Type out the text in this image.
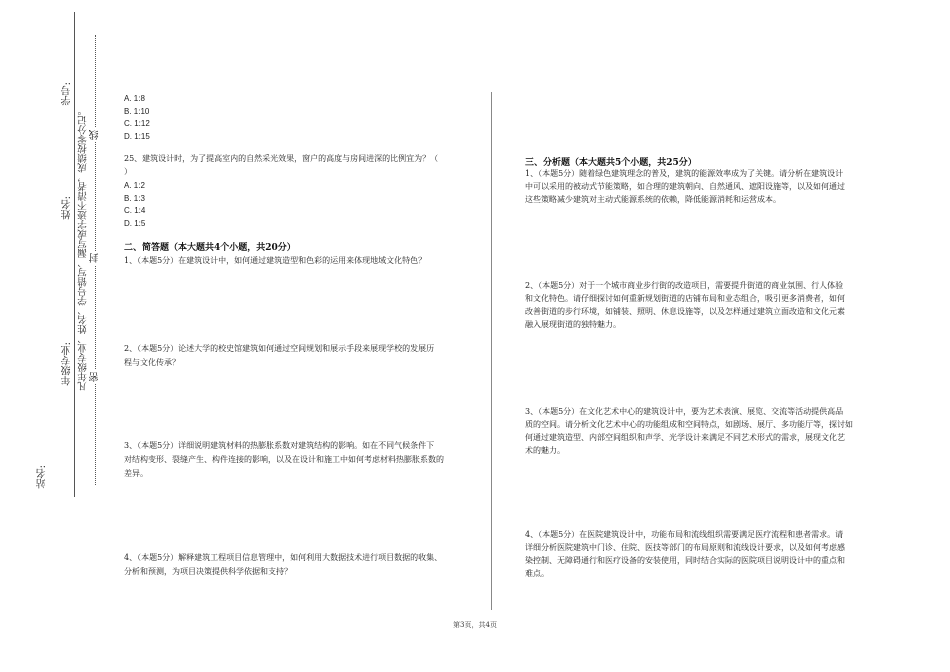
学号:
姓名:
年级专业:
站名:
凡年级专业、姓名、学号错写、漏写或字迹不清者，成绩按零分记。 密
封
线
A. 1:8
B. 1:10
C. 1:12
D. 1:15
25、建筑设计时，为了提高室内的自然采光效果，窗户的高度与房间进深的比例宜为？（
）
A. 1:2
B. 1:3
C. 1:4
D. 1:5
二、简答题（本大题共4个小题，共20分）
1、（本题5分）在建筑设计中，如何通过建筑造型和色彩的运用来体现地域文化特色？
2、（本题5分）论述大学的校史馆建筑如何通过空间规划和展示手段来展现学校的发展历
程与文化传承？
3、（本题5分）详细说明建筑材料的热膨胀系数对建筑结构的影响。如在不同气候条件下
对结构变形、裂缝产生、构件连接的影响，以及在设计和施工中如何考虑材料热膨胀系数的
差异。
4、（本题5分）解释建筑工程项目信息管理中，如何利用大数据技术进行项目数据的收集、
分析和预测，为项目决策提供科学依据和支持？
三、分析题（本大题共5个小题，共25分）
1、（本题5分）随着绿色建筑理念的普及，建筑的能源效率成为了关键。请分析在建筑设计
中可以采用的被动式节能策略，如合理的建筑朝向、自然通风、遮阳设施等，以及如何通过
这些策略减少建筑对主动式能源系统的依赖，降低能源消耗和运营成本。
2、（本题5分）对于一个城市商业步行街的改造项目，需要提升街道的商业氛围、行人体验
和文化特色。请仔细探讨如何重新规划街道的店铺布局和业态组合，吸引更多消费者，如何
改善街道的步行环境，如铺装、照明、休息设施等，以及怎样通过建筑立面改造和文化元素
融入展现街道的独特魅力。
3、（本题5分）在文化艺术中心的建筑设计中，要为艺术表演、展览、交流等活动提供高品
质的空间。请分析文化艺术中心的功能组成和空间特点，如剧场、展厅、多功能厅等，探讨如
何通过建筑造型、内部空间组织和声学、光学设计来满足不同艺术形式的需求，展现文化艺
术的魅力。
4、（本题5分）在医院建筑设计中，功能布局和流线组织需要满足医疗流程和患者需求。请
详细分析医院建筑中门诊、住院、医技等部门的布局原则和流线设计要求，以及如何考虑感
染控制、无障碍通行和医疗设备的安装使用，同时结合实际的医院项目说明设计中的重点和
难点。
第3页，共4页
